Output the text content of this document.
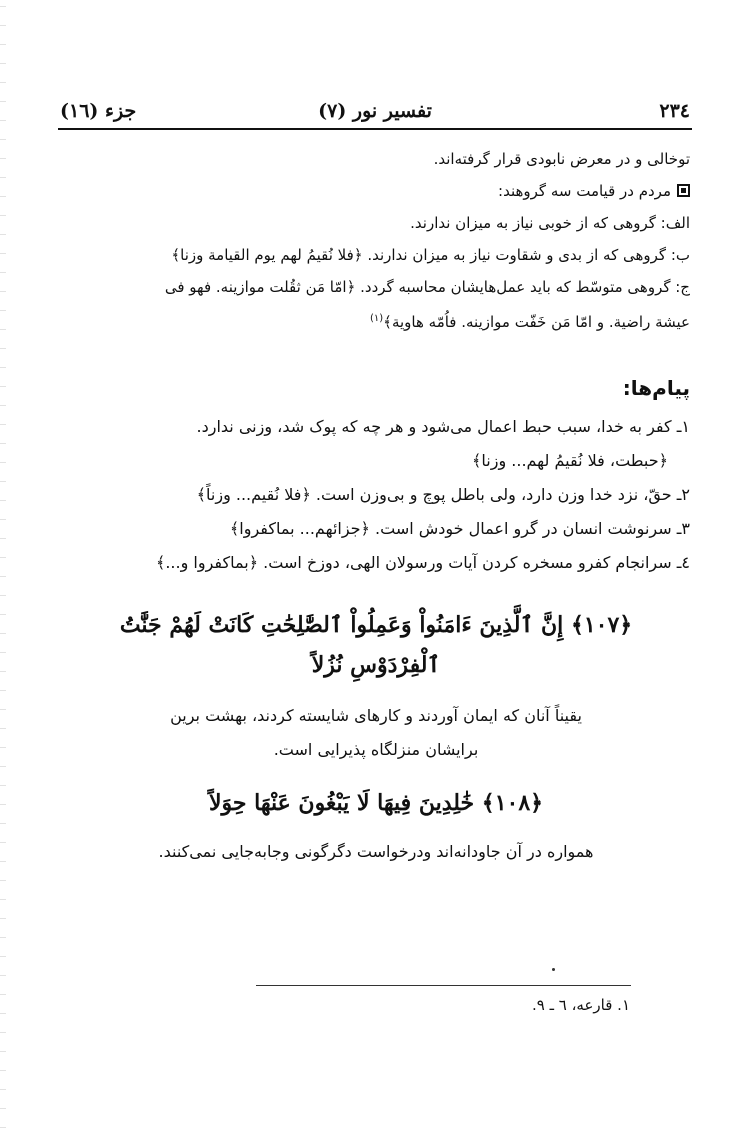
۲۳٤
تفسیر نور (۷)
جزء (۱٦)
توخالی و در معرض نابودی قرار گرفته‌اند.
مردم در قیامت سه گروهند:
الف: گروهی که از خوبی نیاز به میزان ندارند.
ب: گروهی که از بدی و شقاوت نیاز به میزان ندارند. ﴿فلا نُقیمُ لهم یوم القیامة وزنا﴾
ج: گروهی متوسّط که باید عمل‌هایشان محاسبه گردد. ﴿امّا مَن ثقُلت موازینه. فهو فی
عیشة راضیة. و امّا مَن خَفّت موازینه. فاُمّه هاویة﴾$^{(۱)}$
پیام‌ها:
۱ـ کفر به خدا، سبب حبط اعمال می‌شود و هر چه که پوک شد، وزنی ندارد.
﴿حبطت، فلا نُقیمُ لهم... وزنا﴾
۲ـ حقّ، نزد خدا وزن دارد، ولی باطل پوچ و بی‌وزن است. ﴿فلا نُقیم... وزناً﴾
۳ـ سرنوشت انسان در گرو اعمال خودش است. ﴿جزائهم... بماکفروا﴾
٤ـ سرانجام کفرو مسخره کردن آیات ورسولان الهی، دوزخ است. ﴿بماکفروا و...﴾
﴿۱۰۷﴾ إِنَّ ٱلَّذِينَ ءَامَنُواْ وَعَمِلُواْ ٱلصَّٰلِحَٰتِ كَانَتْ لَهُمْ جَنَّٰتُ
ٱلْفِرْدَوْسِ نُزُلاً
یقیناً آنان که ایمان آوردند و کارهای شایسته کردند، بهشت برین
برایشان منزلگاه پذیرایی است.
﴿۱۰۸﴾ خَٰلِدِينَ فِيهَا لَا يَبْغُونَ عَنْهَا حِوَلاً
همواره در آن جاودانه‌اند ودرخواست دگرگونی وجابه‌جایی نمی‌کنند.
۱. قارعه، ٦ ـ ۹.
